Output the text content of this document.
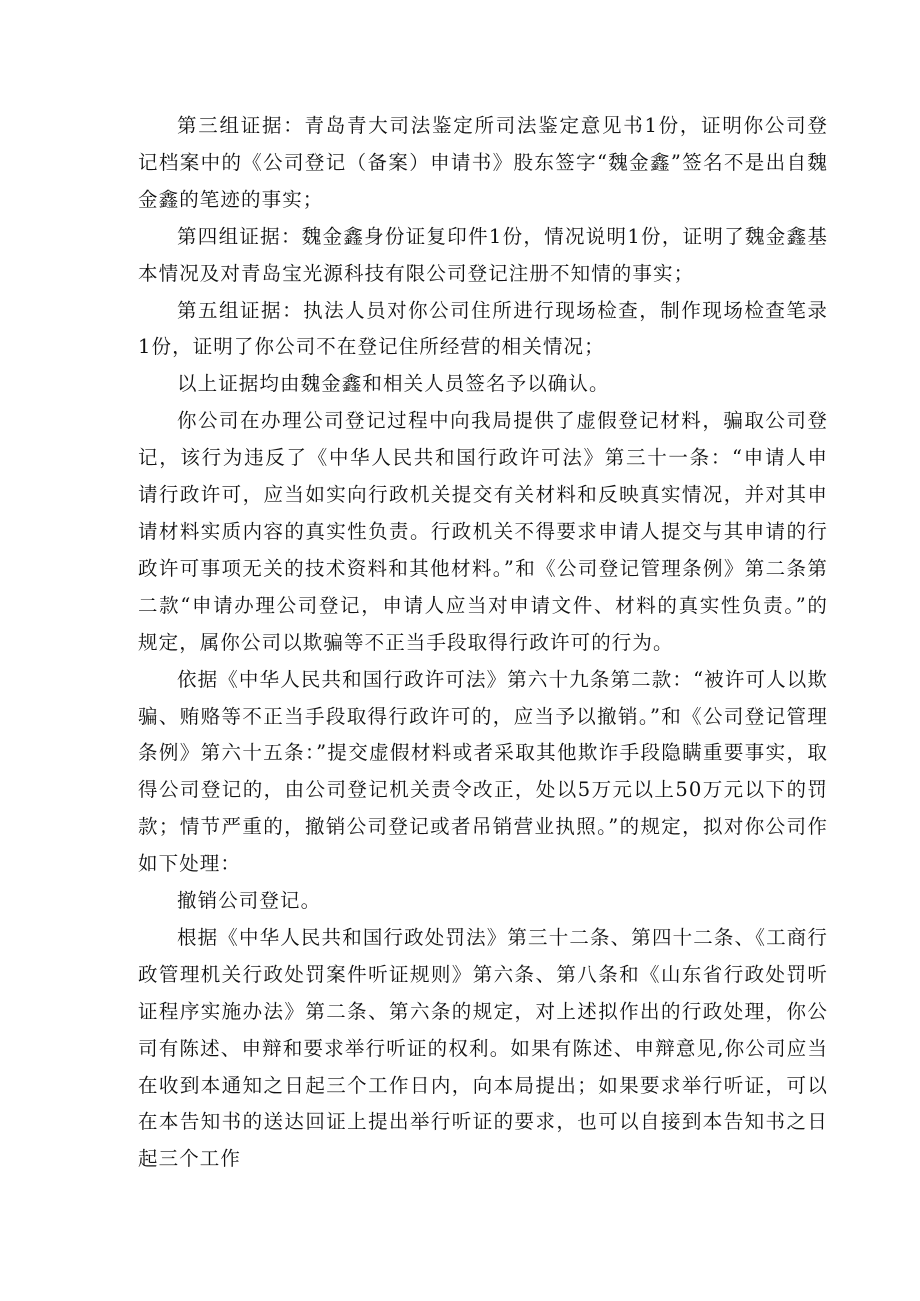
第三组证据：青岛青大司法鉴定所司法鉴定意见书1份，证明你公司登记档案中的《公司登记（备案）申请书》股东签字“魏金鑫”签名不是出自魏金鑫的笔迹的事实；

第四组证据：魏金鑫身份证复印件1份，情况说明1份，证明了魏金鑫基本情况及对青岛宝光源科技有限公司登记注册不知情的事实；

第五组证据：执法人员对你公司住所进行现场检查，制作现场检查笔录1份，证明了你公司不在登记住所经营的相关情况；

以上证据均由魏金鑫和相关人员签名予以确认。

你公司在办理公司登记过程中向我局提供了虚假登记材料，骗取公司登记，该行为违反了《中华人民共和国行政许可法》第三十一条：“申请人申请行政许可，应当如实向行政机关提交有关材料和反映真实情况，并对其申请材料实质内容的真实性负责。行政机关不得要求申请人提交与其申请的行政许可事项无关的技术资料和其他材料。”和《公司登记管理条例》第二条第二款“申请办理公司登记，申请人应当对申请文件、材料的真实性负责。”的规定，属你公司以欺骗等不正当手段取得行政许可的行为。

依据《中华人民共和国行政许可法》第六十九条第二款：“被许可人以欺骗、贿赂等不正当手段取得行政许可的，应当予以撤销。”和《公司登记管理条例》第六十五条：”提交虚假材料或者采取其他欺诈手段隐瞒重要事实，取得公司登记的，由公司登记机关责令改正，处以5万元以上50万元以下的罚款；情节严重的，撤销公司登记或者吊销营业执照。”的规定，拟对你公司作如下处理：

撤销公司登记。

根据《中华人民共和国行政处罚法》第三十二条、第四十二条、《工商行政管理机关行政处罚案件听证规则》第六条、第八条和《山东省行政处罚听证程序实施办法》第二条、第六条的规定，对上述拟作出的行政处理，你公司有陈述、申辩和要求举行听证的权利。如果有陈述、申辩意见,你公司应当在收到本通知之日起三个工作日内，向本局提出；如果要求举行听证，可以在本告知书的送达回证上提出举行听证的要求，也可以自接到本告知书之日起三个工作
